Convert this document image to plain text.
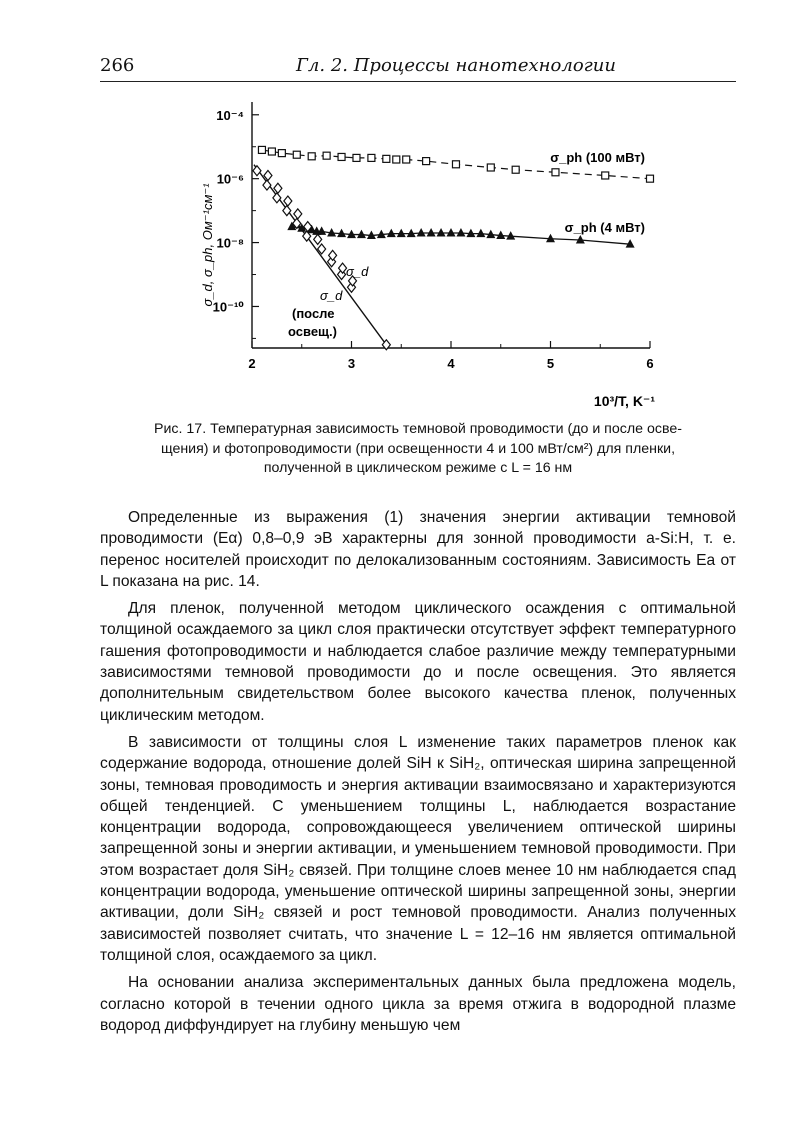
266	Гл. 2. Процессы нанотехнологии
2	3	4	5	6
10⁻⁴
10⁻⁶
10⁻⁸
10⁻¹⁰
σ_d, σ_ph, Ом⁻¹см⁻¹
10³/T, K⁻¹
σ_ph (100 мВт)
σ_ph (4 мВт)
σ_d
σ_d
(после
освещ.)
Рис. 17. Температурная зависимость темновой проводимости (до и после осве-
щения) и фотопроводимости (при освещенности 4 и 100 мВт/см²) для пленки,
полученной в циклическом режиме с L = 16 нм

Определенные из выражения (1) значения энергии активации темновой проводимости (Eα) 0,8–0,9 эВ характерны для зонной проводимости a-Si:H, т. е. перенос носителей происходит по делокализованным состояниям. Зависимость Ea от L показана на рис. 14.

Для пленок, полученной методом циклического осаждения с оптимальной толщиной осаждаемого за цикл слоя практически отсутствует эффект температурного гашения фотопроводимости и наблюдается слабое различие между температурными зависимостями темновой проводимости до и после освещения. Это является дополнительным свидетельством более высокого качества пленок, полученных циклическим методом.

В зависимости от толщины слоя L изменение таких параметров пленок как содержание водорода, отношение долей SiH к SiH₂, оптическая ширина запрещенной зоны, темновая проводимость и энергия активации взаимосвязано и характеризуются общей тенденцией. С уменьшением толщины L, наблюдается возрастание концентрации водорода, сопровождающееся увеличением оптической ширины запрещенной зоны и энергии активации, и уменьшением темновой проводимости. При этом возрастает доля SiH₂ связей. При толщине слоев менее 10 нм наблюдается спад концентрации водорода, уменьшение оптической ширины запрещенной зоны, энергии активации, доли SiH₂ связей и рост темновой проводимости. Анализ полученных зависимостей позволяет считать, что значение L = 12–16 нм является оптимальной толщиной слоя, осаждаемого за цикл.

На основании анализа экспериментальных данных была предложена модель, согласно которой в течении одного цикла за время отжига в водородной плазме водород диффундирует на глубину меньшую чем
